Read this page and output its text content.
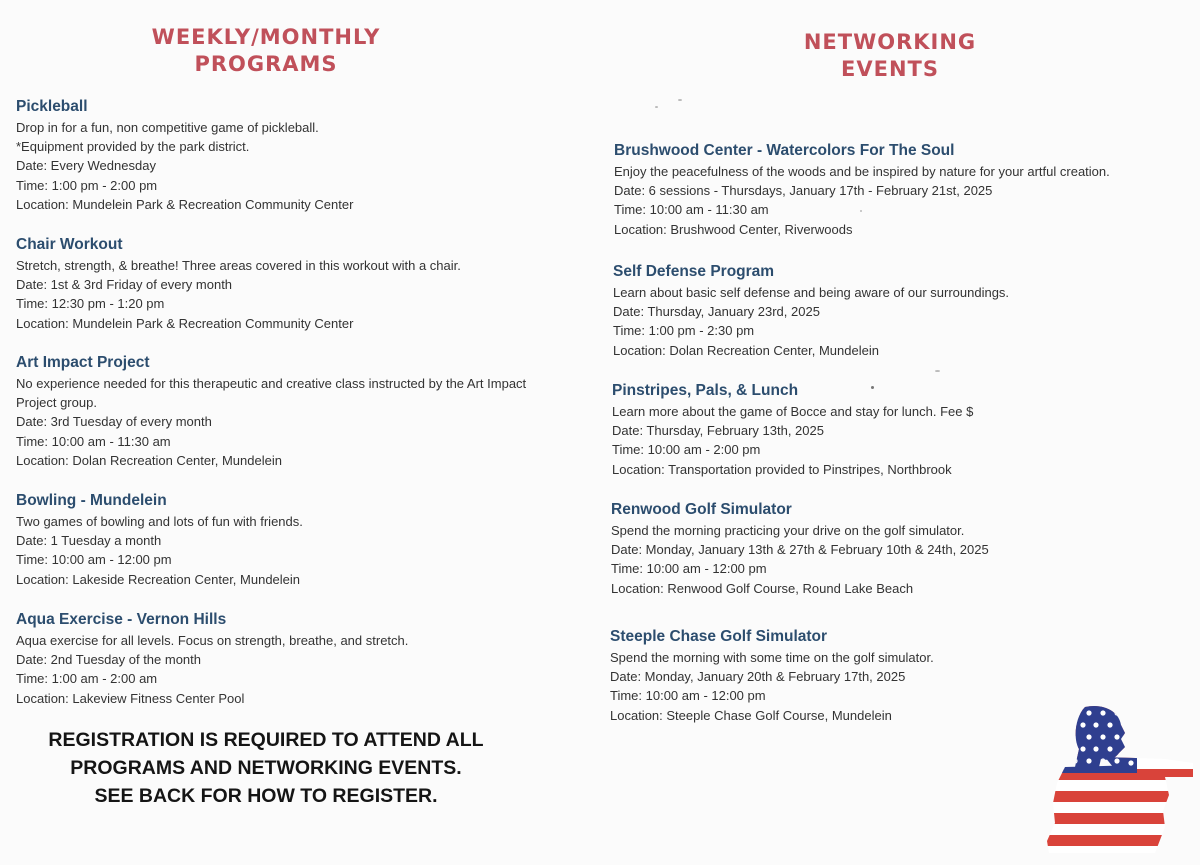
WEEKLY/MONTHLY
PROGRAMS
Pickleball
Drop in for a fun, non competitive game of pickleball.
*Equipment provided by the park district.
Date: Every Wednesday
Time: 1:00 pm - 2:00 pm
Location: Mundelein Park & Recreation Community Center
Chair Workout
Stretch, strength, & breathe! Three areas covered in this workout with a chair.
Date: 1st & 3rd Friday of every month
Time: 12:30 pm - 1:20 pm
Location: Mundelein Park & Recreation Community Center
Art Impact Project
No experience needed for this therapeutic and creative class instructed by the Art Impact
Project group.
Date: 3rd Tuesday of every month
Time: 10:00 am - 11:30 am
Location: Dolan Recreation Center, Mundelein
Bowling - Mundelein
Two games of bowling and lots of fun with friends.
Date: 1 Tuesday a month
Time: 10:00 am - 12:00 pm
Location: Lakeside Recreation Center, Mundelein
Aqua Exercise - Vernon Hills
Aqua exercise for all levels. Focus on strength, breathe, and stretch.
Date: 2nd Tuesday of the month
Time: 1:00 am - 2:00 am
Location: Lakeview Fitness Center Pool
REGISTRATION IS REQUIRED TO ATTEND ALL
PROGRAMS AND NETWORKING EVENTS.
SEE BACK FOR HOW TO REGISTER.
NETWORKING
EVENTS
Brushwood Center - Watercolors For The Soul
Enjoy the peacefulness of the woods and be inspired by nature for your artful creation.
Date: 6 sessions - Thursdays, January 17th - February 21st, 2025
Time: 10:00 am - 11:30 am
Location: Brushwood Center, Riverwoods
Self Defense Program
Learn about basic self defense and being aware of our surroundings.
Date: Thursday, January 23rd, 2025
Time: 1:00 pm - 2:30 pm
Location: Dolan Recreation Center, Mundelein
Pinstripes, Pals, & Lunch
Learn more about the game of Bocce and stay for lunch. Fee $
Date: Thursday, February 13th, 2025
Time: 10:00 am - 2:00 pm
Location: Transportation provided to Pinstripes, Northbrook
Renwood Golf Simulator
Spend the morning practicing your drive on the golf simulator.
Date: Monday, January 13th & 27th & February 10th & 24th, 2025
Time: 10:00 am - 12:00 pm
Location: Renwood Golf Course, Round Lake Beach
Steeple Chase Golf Simulator
Spend the morning with some time on the golf simulator.
Date: Monday, January 20th & February 17th, 2025
Time: 10:00 am - 12:00 pm
Location: Steeple Chase Golf Course, Mundelein
